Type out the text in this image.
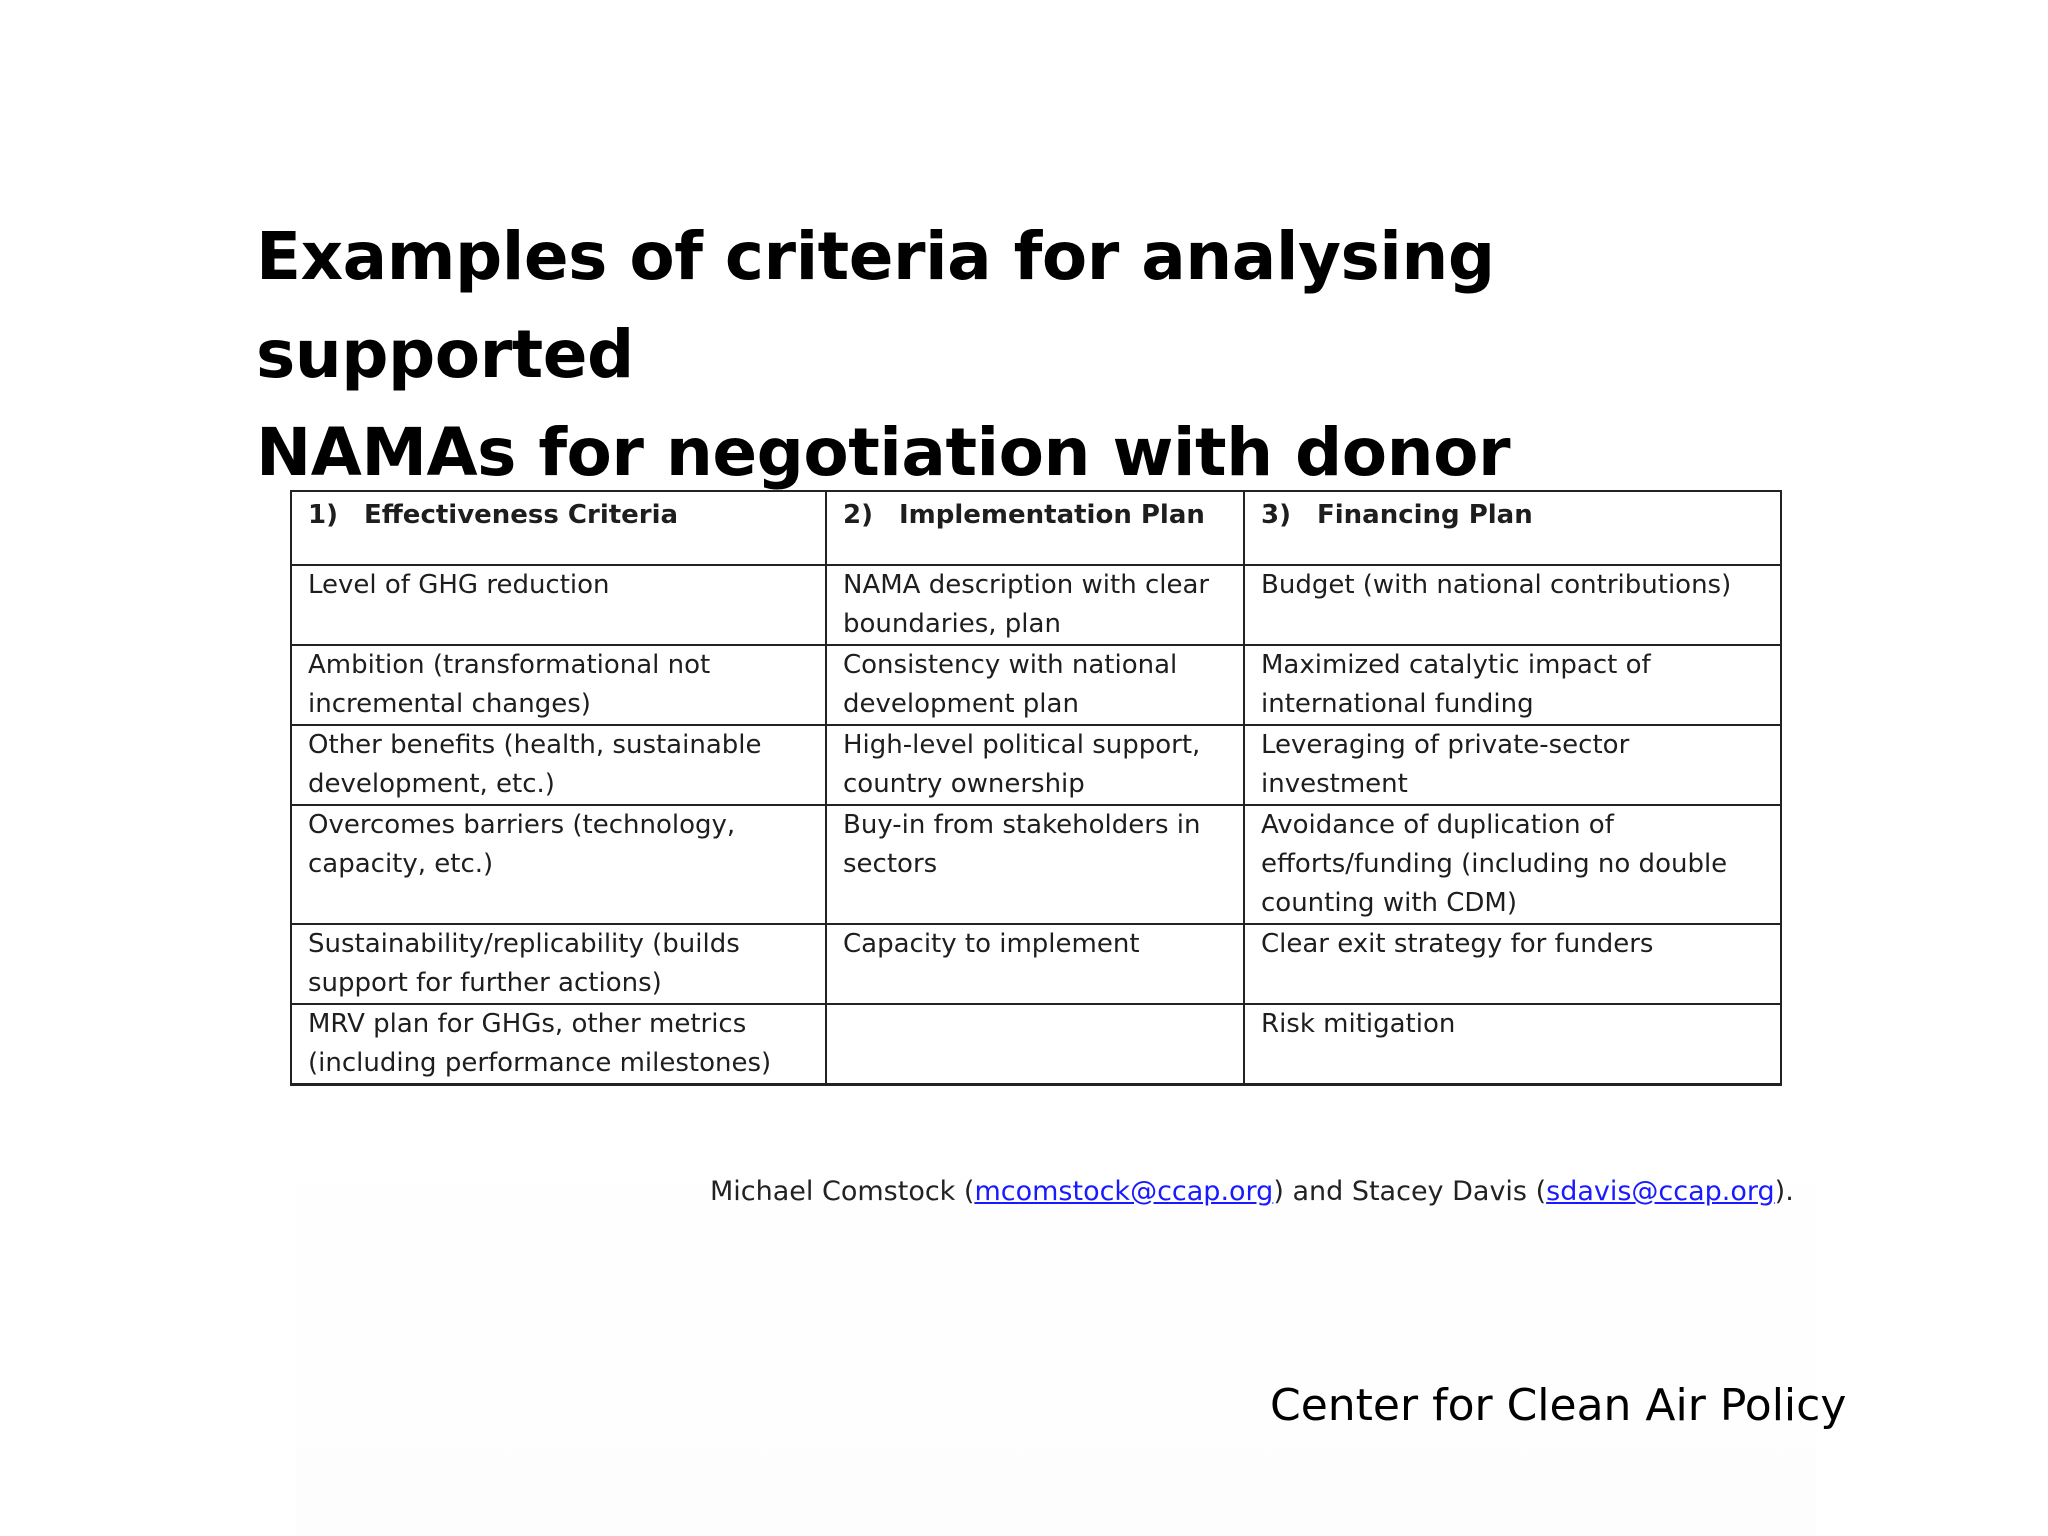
Examples of criteria for analysing supported
NAMAs for negotiation with donor
1) Effectiveness Criteria	2) Implementation Plan	3) Financing Plan
Level of GHG reduction	NAMA description with clear boundaries, plan	Budget (with national contributions)
Ambition (transformational not incremental changes)	Consistency with national development plan	Maximized catalytic impact of international funding
Other benefits (health, sustainable development, etc.)	High-level political support, country ownership	Leveraging of private-sector investment
Overcomes barriers (technology, capacity, etc.)	Buy-in from stakeholders in sectors	Avoidance of duplication of efforts/funding (including no double counting with CDM)
Sustainability/replicability (builds support for further actions)	Capacity to implement	Clear exit strategy for funders
MRV plan for GHGs, other metrics (including performance milestones)		Risk mitigation
Michael Comstock (mcomstock@ccap.org) and Stacey Davis (sdavis@ccap.org).
Center for Clean Air Policy
